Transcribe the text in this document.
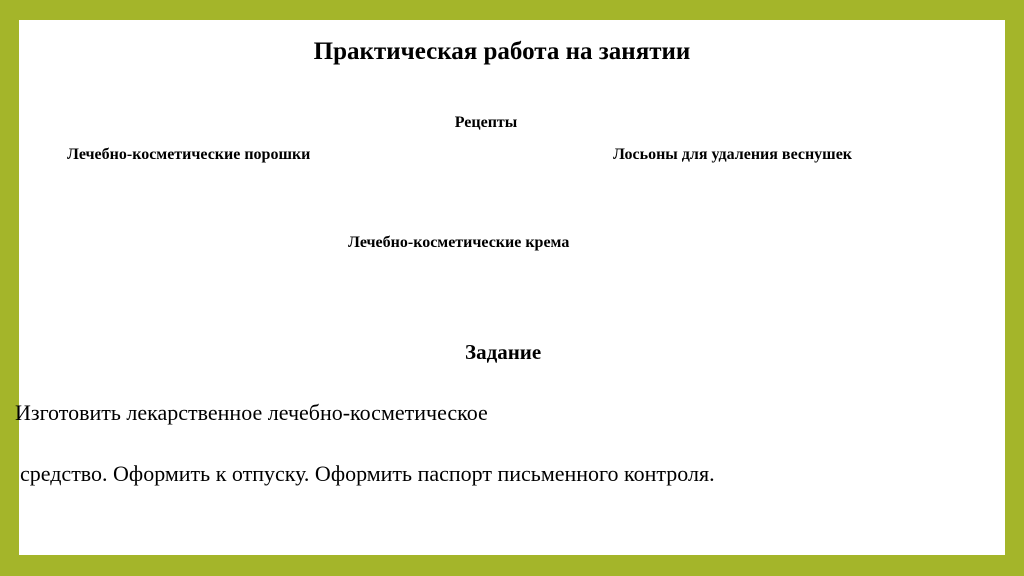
Практическая работа на занятии

Рецепты

Лечебно-косметические порошки	Лосьоны для удаления веснушек

Лечебно-косметические крема

Задание

Изготовить лекарственное лечебно-косметическое

средство. Оформить к отпуску. Оформить паспорт письменного контроля.
